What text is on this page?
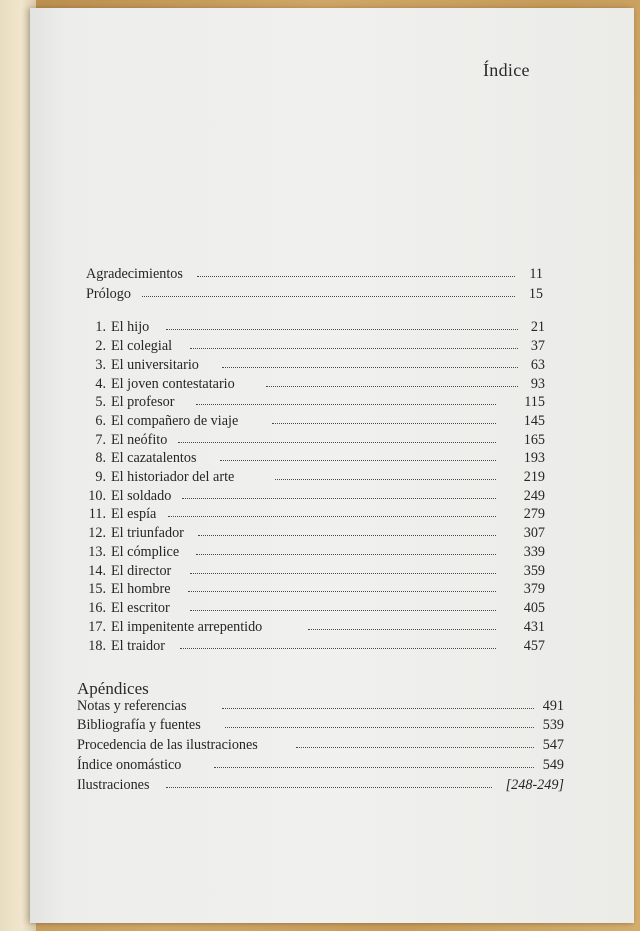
Índice
Agradecimientos	11
Prólogo	15
1. El hijo	21
2. El colegial	37
3. El universitario	63
4. El joven contestatario	93
5. El profesor	115
6. El compañero de viaje	145
7. El neófito	165
8. El cazatalentos	193
9. El historiador del arte	219
10. El soldado	249
11. El espía	279
12. El triunfador	307
13. El cómplice	339
14. El director	359
15. El hombre	379
16. El escritor	405
17. El impenitente arrepentido	431
18. El traidor	457
Apéndices
Notas y referencias	491
Bibliografía y fuentes	539
Procedencia de las ilustraciones	547
Índice onomástico	549
Ilustraciones	[248-249]
